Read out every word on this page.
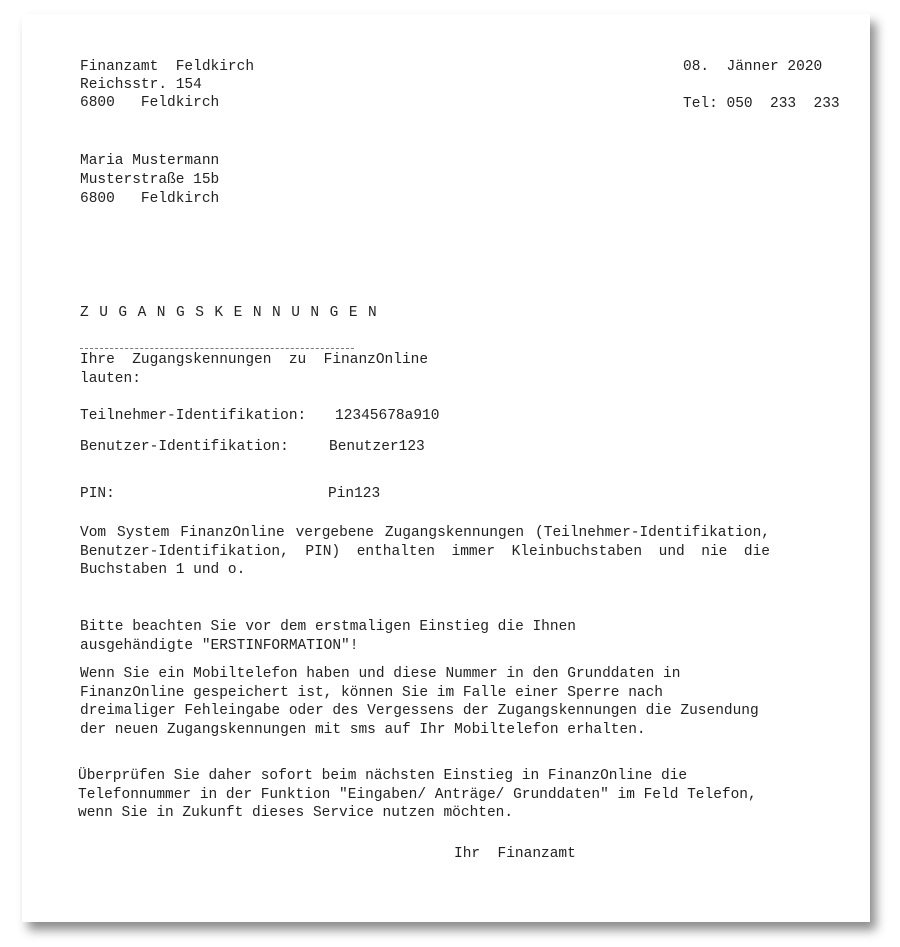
Finanzamt  Feldkirch
Reichsstr. 154
6800   Feldkirch
08.  Jänner 2020
Tel: 050  233  233
Maria Mustermann
Musterstraße 15b
6800   Feldkirch
ZUGANGSKENNUNGEN
Ihre  Zugangskennungen  zu  FinanzOnline
lauten:
Teilnehmer-Identifikation: 12345678a910
Benutzer-Identifikation:	Benutzer123
PIN:	Pin123
Vom System FinanzOnline vergebene Zugangskennungen (Teilnehmer-Identifikation, Benutzer-Identifikation, PIN) enthalten immer Kleinbuchstaben und nie die Buchstaben 1 und o.
Bitte beachten Sie vor dem erstmaligen Einstieg die Ihnen ausgehändigte "ERSTINFORMATION"!
Wenn Sie ein Mobiltelefon haben und diese Nummer in den Grunddaten in FinanzOnline gespeichert ist, können Sie im Falle einer Sperre nach dreimaliger Fehleingabe oder des Vergessens der Zugangskennungen die Zusendung der neuen Zugangskennungen mit sms auf Ihr Mobiltelefon erhalten.
Überprüfen Sie daher sofort beim nächsten Einstieg in FinanzOnline die Telefonnummer in der Funktion "Eingaben/ Anträge/ Grunddaten" im Feld Telefon, wenn Sie in Zukunft dieses Service nutzen möchten.
Ihr  Finanzamt
